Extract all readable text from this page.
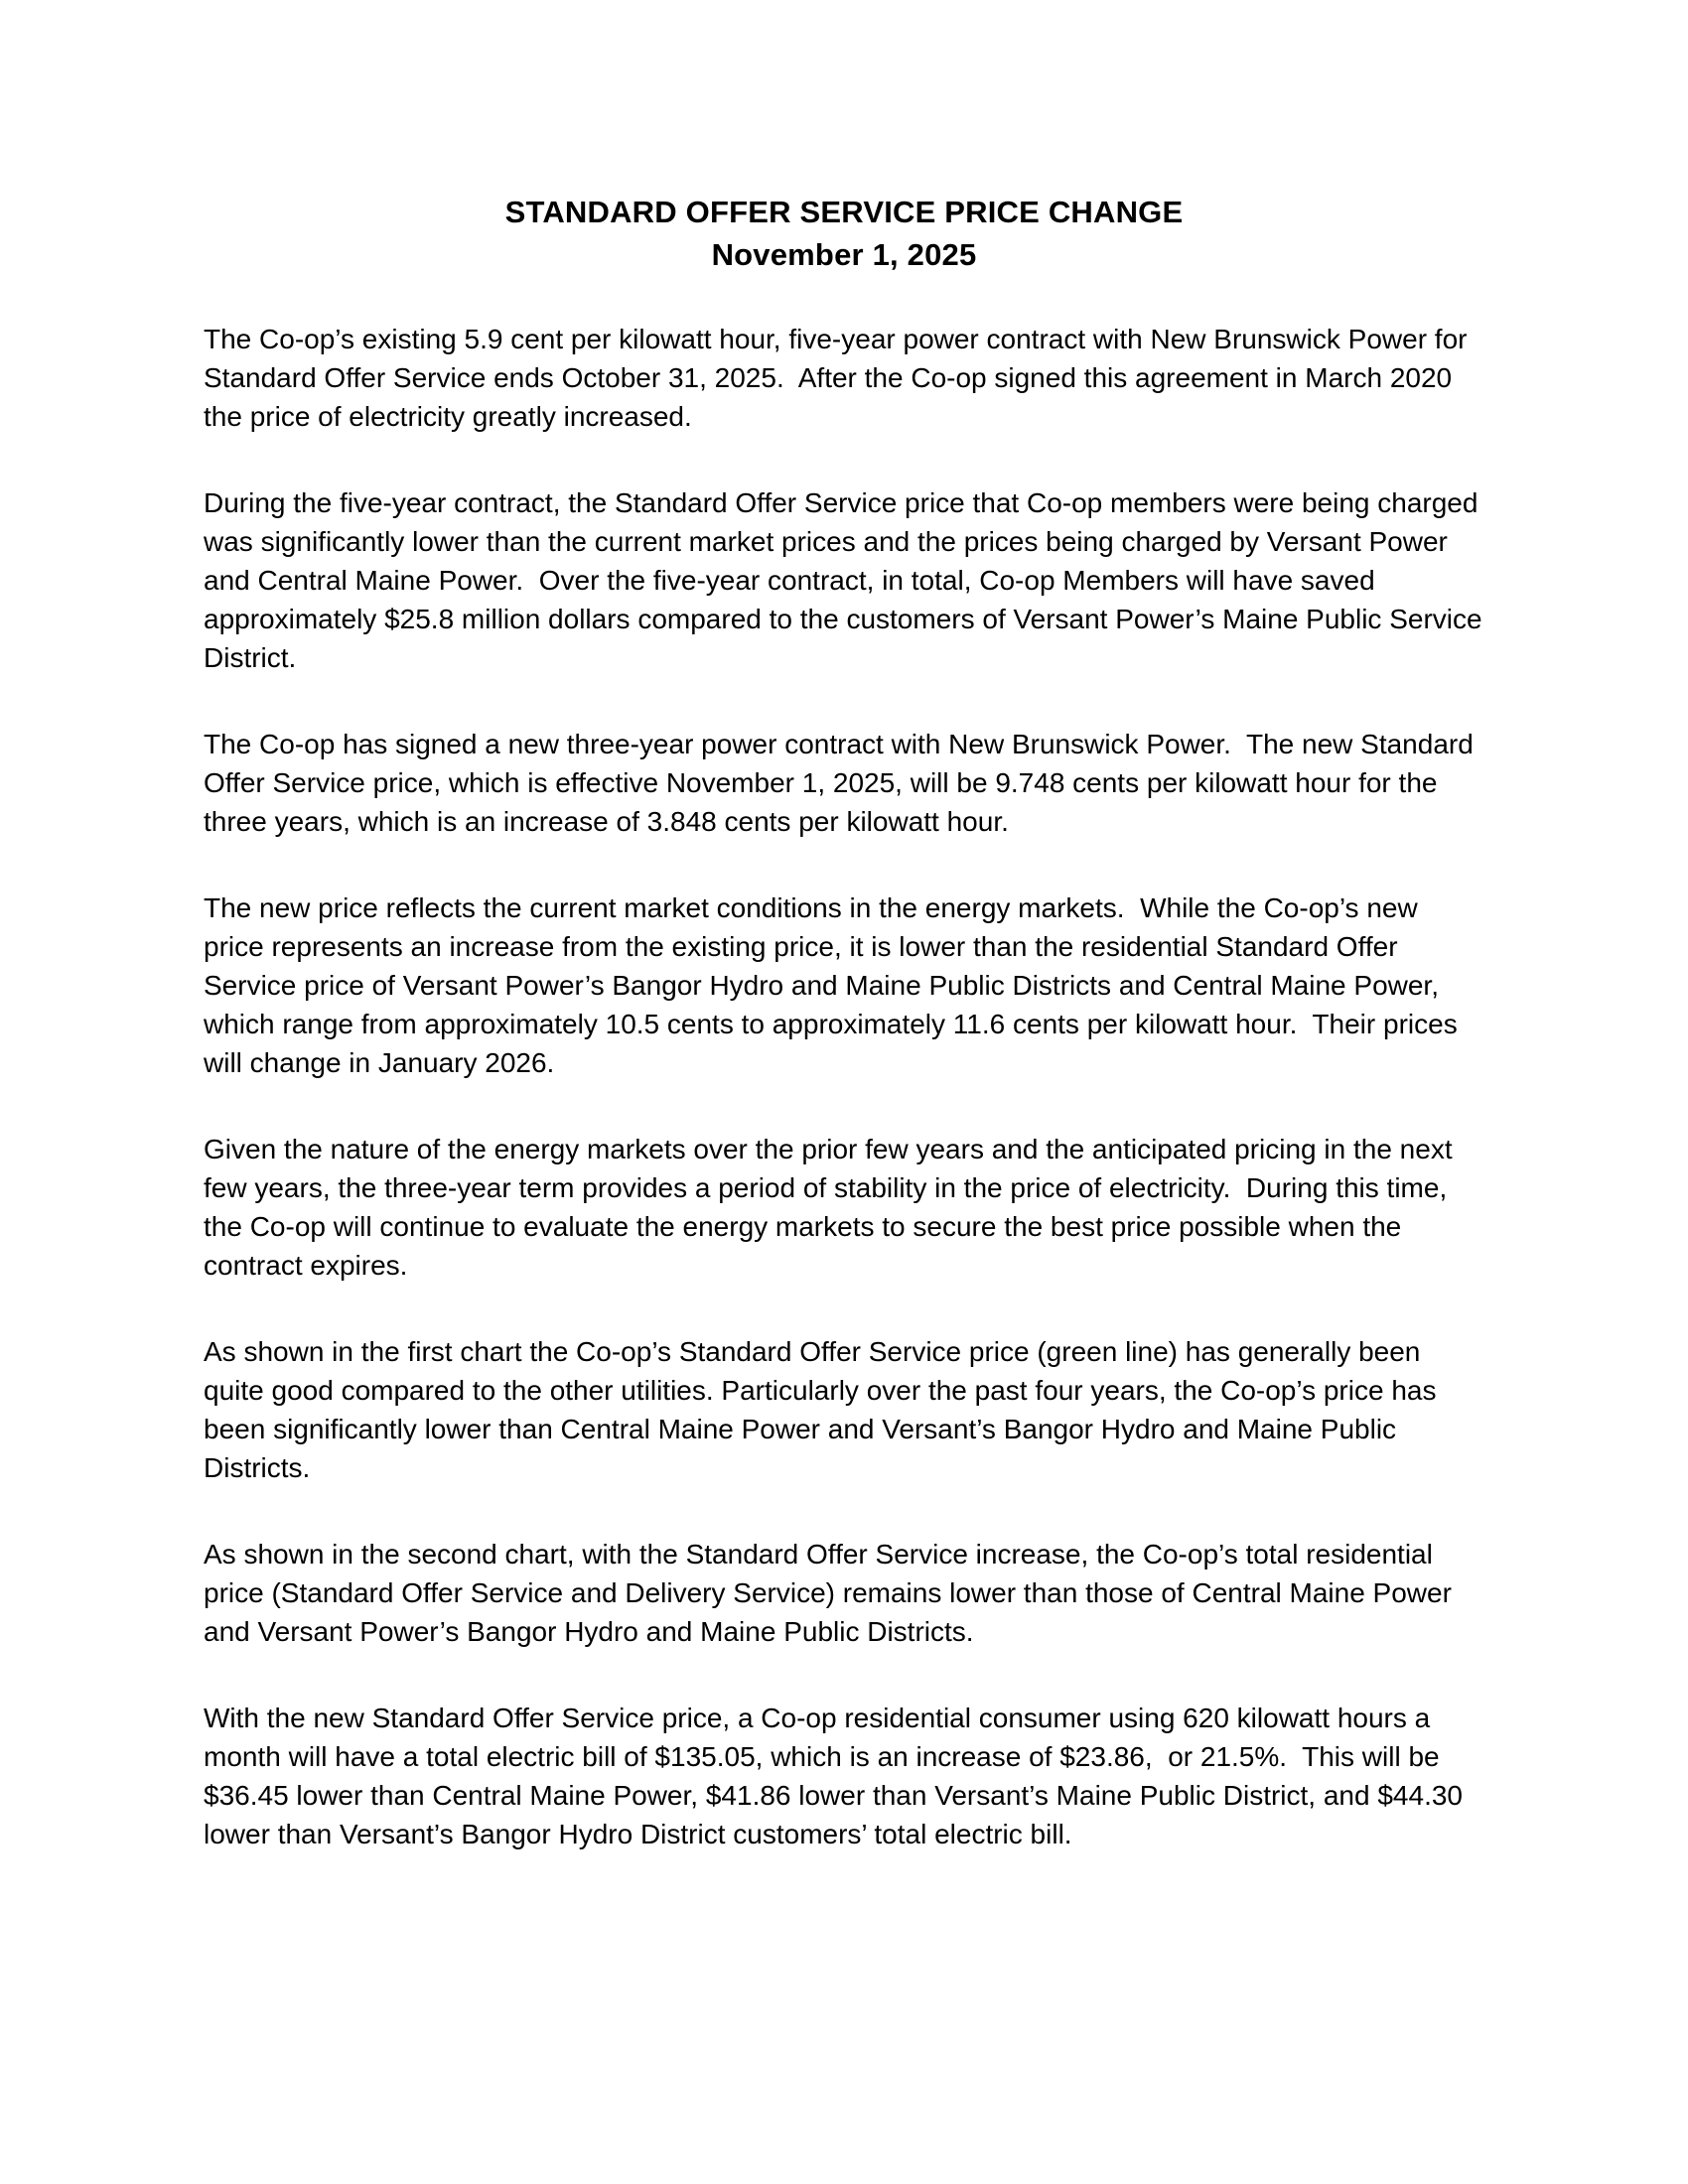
STANDARD OFFER SERVICE PRICE CHANGE
November 1, 2025

The Co-op’s existing 5.9 cent per kilowatt hour, five-year power contract with New Brunswick Power for Standard Offer Service ends October 31, 2025.  After the Co-op signed this agreement in March 2020 the price of electricity greatly increased.

During the five-year contract, the Standard Offer Service price that Co-op members were being charged was significantly lower than the current market prices and the prices being charged by Versant Power and Central Maine Power.  Over the five-year contract, in total, Co-op Members will have saved approximately $25.8 million dollars compared to the customers of Versant Power’s Maine Public Service District.

The Co-op has signed a new three-year power contract with New Brunswick Power.  The new Standard Offer Service price, which is effective November 1, 2025, will be 9.748 cents per kilowatt hour for the three years, which is an increase of 3.848 cents per kilowatt hour.

The new price reflects the current market conditions in the energy markets.  While the Co-op’s new price represents an increase from the existing price, it is lower than the residential Standard Offer Service price of Versant Power’s Bangor Hydro and Maine Public Districts and Central Maine Power, which range from approximately 10.5 cents to approximately 11.6 cents per kilowatt hour.  Their prices will change in January 2026.

Given the nature of the energy markets over the prior few years and the anticipated pricing in the next few years, the three-year term provides a period of stability in the price of electricity.  During this time, the Co-op will continue to evaluate the energy markets to secure the best price possible when the contract expires.

As shown in the first chart the Co-op’s Standard Offer Service price (green line) has generally been quite good compared to the other utilities. Particularly over the past four years, the Co-op’s price has been significantly lower than Central Maine Power and Versant’s Bangor Hydro and Maine Public Districts.

As shown in the second chart, with the Standard Offer Service increase, the Co-op’s total residential price (Standard Offer Service and Delivery Service) remains lower than those of Central Maine Power and Versant Power’s Bangor Hydro and Maine Public Districts.

With the new Standard Offer Service price, a Co-op residential consumer using 620 kilowatt hours a month will have a total electric bill of $135.05, which is an increase of $23.86,  or 21.5%.  This will be $36.45 lower than Central Maine Power, $41.86 lower than Versant’s Maine Public District, and $44.30 lower than Versant’s Bangor Hydro District customers’ total electric bill.
